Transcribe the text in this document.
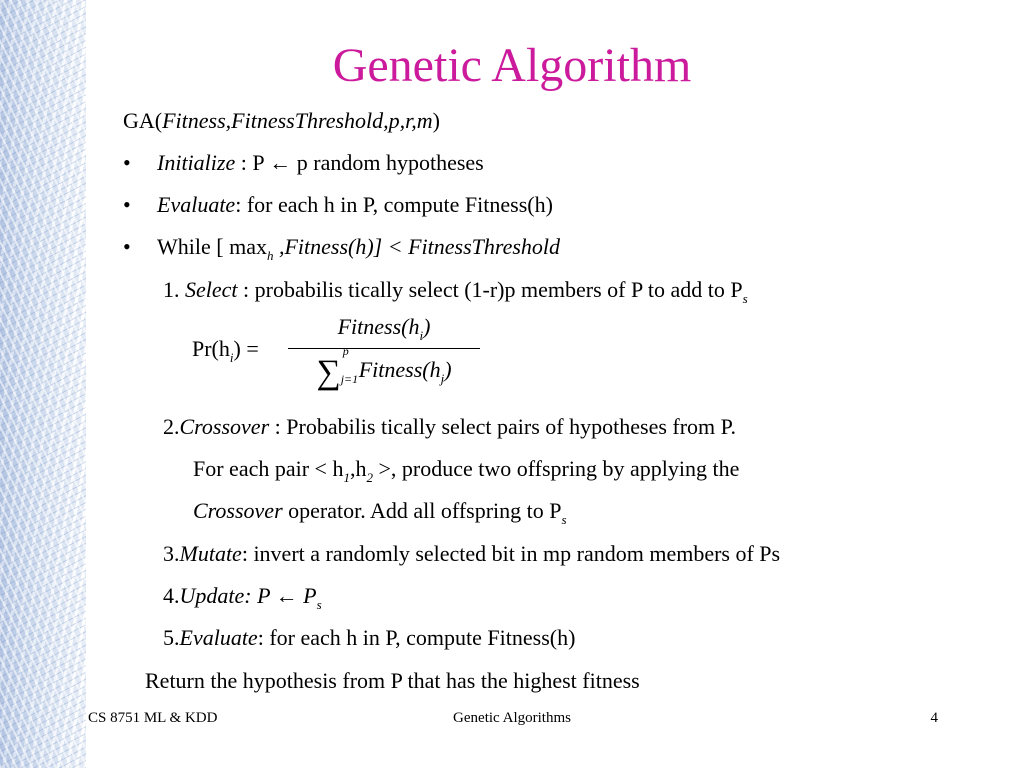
Genetic Algorithm
GA(Fitness,FitnessThreshold,p,r,m)
• Initialize : P ← p random hypotheses
• Evaluate: for each h in P, compute Fitness(h)
• While [ $\max_h$ ,Fitness(h)] < FitnessThreshold
1. Select : probabilis tically select (1-r)p members of P to add to $P_s$
$Pr(h_i)$ =
$Fitness(h_i)$
∑
p
j=1 $Fitness(h_j)$
2.Crossover : Probabilis tically select pairs of hypotheses from P.
For each pair < $h_1,h_2$ >, produce two offspring by applying the
Crossover operator. Add all offspring to $P_s$
3.Mutate: invert a randomly selected bit in mp random members of Ps
4.Update: P ← $P_s$
5.Evaluate: for each h in P, compute Fitness(h)
Return the hypothesis from P that has the highest fitness
CS 8751 ML & KDD	Genetic Algorithms	4
